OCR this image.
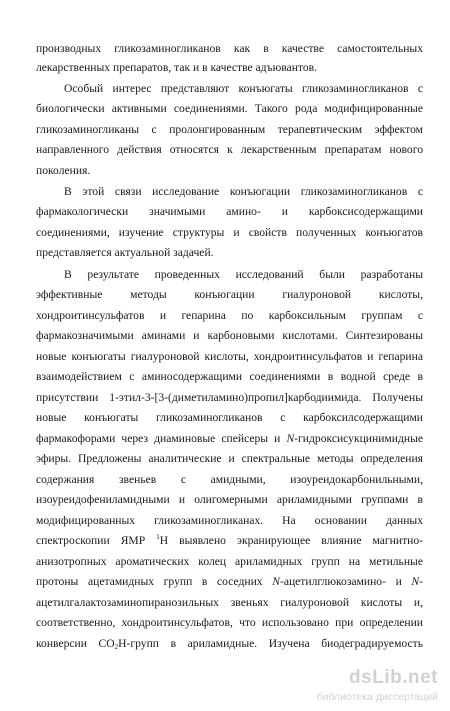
производных гликозаминогликанов как в качестве самостоятельных
лекарственных препаратов, так и в качестве адъювантов.
Особый интерес представляют конъюгаты гликозаминогликанов с
биологически активными соединениями. Такого рода модифицированные
гликозаминогликаны с пролонгированным терапевтическим эффектом
направленного действия относятся к лекарственным препаратам нового
поколения.
В этой связи исследование конъюгации гликозаминогликанов с
фармакологически значимыми амино- и карбоксисодержащими
соединениями, изучение структуры и свойств полученных конъюгатов
представляется актуальной задачей.
В результате проведенных исследований были разработаны
эффективные методы конъюгации гиалуроновой кислоты,
хондроитинсульфатов и гепарина по карбоксильным группам с
фармакозначимыми аминами и карбоновыми кислотами. Синтезированы
новые конъюгаты гиалуроновой кислоты, хондроитинсульфатов и гепарина
взаимодействием с аминосодержащими соединениями в водной среде в
присутствии 1-этил-3-[3-(диметиламино)пропил]карбодиимида. Получены
новые конъюгаты гликозаминогликанов с карбоксилсодержащими
фармакофорами через диаминовые спейсеры и N-гидроксисукцинимидные
эфиры. Предложены аналитические и спектральные методы определения
содержания звеньев с амидными, изоуреидокарбонильными,
изоуреидофениламидными и олигомерными ариламидными группами в
модифицированных гликозаминогликанах. На основании данных
спектроскопии ЯМР $^1$H выявлено экранирующее влияние магнитно-
анизотропных ароматических колец ариламидных групп на метильные
протоны ацетамидных групп в соседних N-ацетилглюкозамино- и N-
ацетилгалактозаминопиранозильных звеньях гиалуроновой кислоты и,
соответственно, хондроитинсульфатов, что использовано при определении
конверсии $CO_2H$-групп в ариламидные. Изучена биодеградируемость
dsLib.net
библиотека диссертаций
